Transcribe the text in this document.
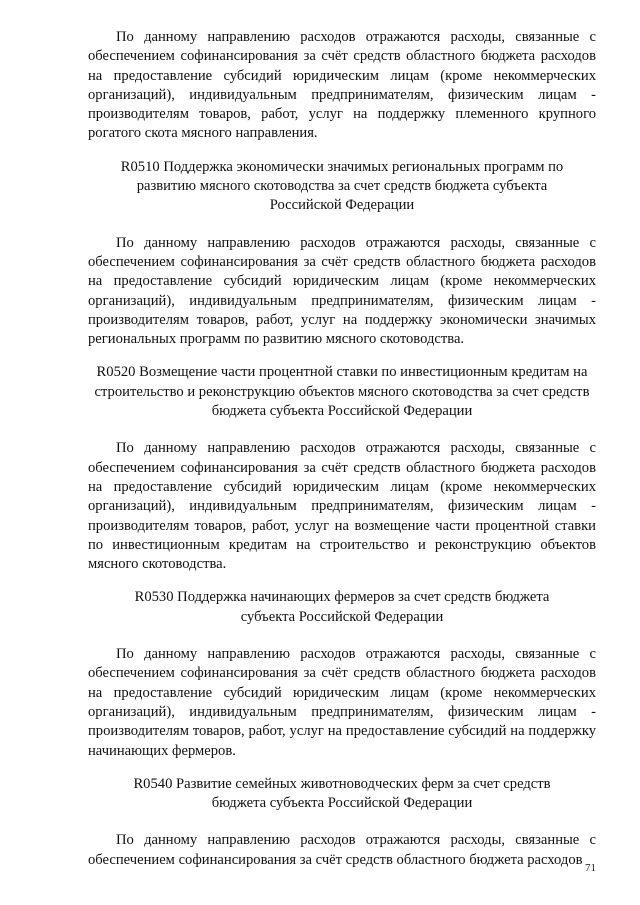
По данному направлению расходов отражаются расходы, связанные с обеспечением софинансирования за счёт средств областного бюджета расходов на предоставление субсидий юридическим лицам (кроме некоммерческих организаций), индивидуальным предпринимателям, физическим лицам - производителям товаров, работ, услуг на поддержку племенного крупного рогатого скота мясного направления.

R0510 Поддержка экономически значимых региональных программ по развитию мясного скотоводства за счет средств бюджета субъекта Российской Федерации

По данному направлению расходов отражаются расходы, связанные с обеспечением софинансирования за счёт средств областного бюджета расходов на предоставление субсидий юридическим лицам (кроме некоммерческих организаций), индивидуальным предпринимателям, физическим лицам - производителям товаров, работ, услуг на поддержку экономически значимых региональных программ по развитию мясного скотоводства.

R0520 Возмещение части процентной ставки по инвестиционным кредитам на строительство и реконструкцию объектов мясного скотоводства за счет средств бюджета субъекта Российской Федерации

По данному направлению расходов отражаются расходы, связанные с обеспечением софинансирования за счёт средств областного бюджета расходов на предоставление субсидий юридическим лицам (кроме некоммерческих организаций), индивидуальным предпринимателям, физическим лицам - производителям товаров, работ, услуг на возмещение части процентной ставки по инвестиционным кредитам на строительство и реконструкцию объектов мясного скотоводства.

R0530 Поддержка начинающих фермеров за счет средств бюджета субъекта Российской Федерации

По данному направлению расходов отражаются расходы, связанные с обеспечением софинансирования за счёт средств областного бюджета расходов на предоставление субсидий юридическим лицам (кроме некоммерческих организаций), индивидуальным предпринимателям, физическим лицам - производителям товаров, работ, услуг на предоставление субсидий на поддержку начинающих фермеров.

R0540 Развитие семейных животноводческих ферм за счет средств бюджета субъекта Российской Федерации

По данному направлению расходов отражаются расходы, связанные с обеспечением софинансирования за счёт средств областного бюджета расходов

71
